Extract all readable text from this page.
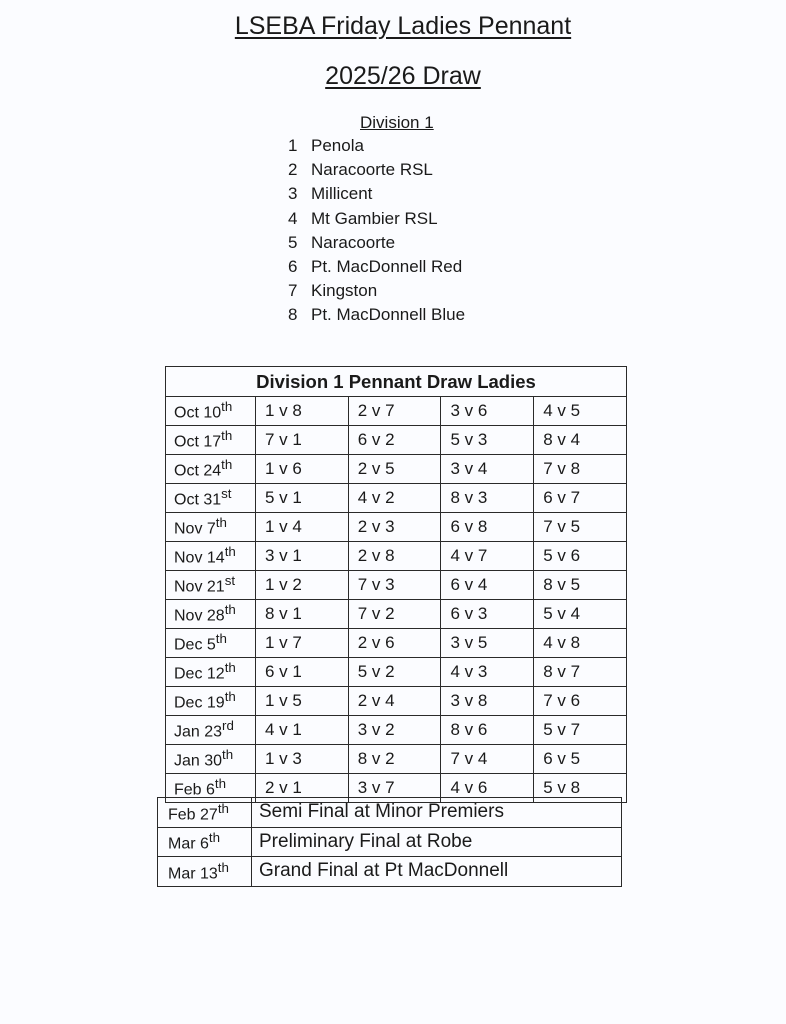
LSEBA Friday Ladies Pennant
2025/26 Draw
Division 1
1 Penola
2 Naracoorte RSL
3 Millicent
4 Mt Gambier RSL
5 Naracoorte
6 Pt. MacDonnell Red
7 Kingston
8 Pt. MacDonnell Blue
Division 1 Pennant Draw Ladies				
Oct 10th	1 v 8	2 v 7	3 v 6	4 v 5
Oct 17th	7 v 1	6 v 2	5 v 3	8 v 4
Oct 24th	1 v 6	2 v 5	3 v 4	7 v 8
Oct 31st	5 v 1	4 v 2	8 v 3	6 v 7
Nov 7th	1 v 4	2 v 3	6 v 8	7 v 5
Nov 14th	3 v 1	2 v 8	4 v 7	5 v 6
Nov 21st	1 v 2	7 v 3	6 v 4	8 v 5
Nov 28th	8 v 1	7 v 2	6 v 3	5 v 4
Dec 5th	1 v 7	2 v 6	3 v 5	4 v 8
Dec 12th	6 v 1	5 v 2	4 v 3	8 v 7
Dec 19th	1 v 5	2 v 4	3 v 8	7 v 6
Jan 23rd	4 v 1	3 v 2	8 v 6	5 v 7
Jan 30th	1 v 3	8 v 2	7 v 4	6 v 5
Feb 6th	2 v 1	3 v 7	4 v 6	5 v 8
Feb 27th	Semi Final at Minor Premiers
Mar 6th	Preliminary Final at Robe
Mar 13th	Grand Final at Pt MacDonnell
